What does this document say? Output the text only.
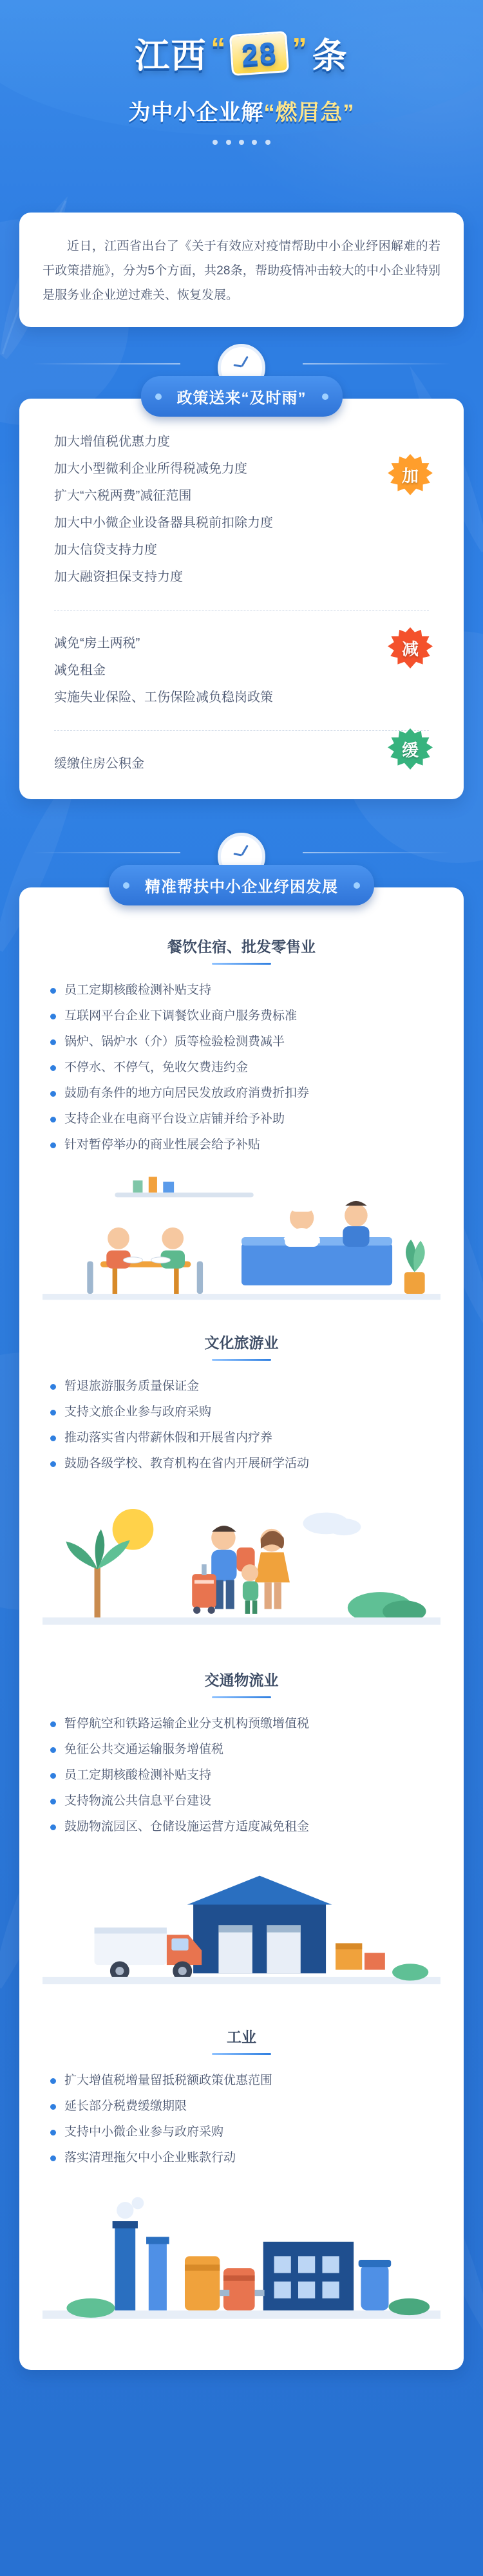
江西 “ 28 ” 条
为中小企业解“燃眉急”

近日，江西省出台了《关于有效应对疫情帮助中小企业纾困解难的若干政策措施》，分为5个方面，共28条，帮助疫情冲击较大的中小企业特别是服务业企业逆过难关、恢复发展。

政策送来“及时雨”
加
加大增值税优惠力度
加大小型微利企业所得税减免力度
扩大“六税两费”减征范围
加大中小微企业设备器具税前扣除力度
加大信贷支持力度
加大融资担保支持力度
减
减免“房土两税”
减免租金
实施失业保险、工伤保险减负稳岗政策
缓
缓缴住房公积金
精准帮扶中小企业纾困发展
餐饮住宿、批发零售业
员工定期核酸检测补贴支持
互联网平台企业下调餐饮业商户服务费标准
锅炉、锅炉水（介）质等检验检测费减半
不停水、不停气，免收欠费违约金
鼓励有条件的地方向居民发放政府消费折扣券
支持企业在电商平台设立店铺并给予补助
针对暂停举办的商业性展会给予补贴
文化旅游业
暂退旅游服务质量保证金
支持文旅企业参与政府采购
推动落实省内带薪休假和开展省内疗养
鼓励各级学校、教育机构在省内开展研学活动
交通物流业
暂停航空和铁路运输企业分支机构预缴增值税
免征公共交通运输服务增值税
员工定期核酸检测补贴支持
支持物流公共信息平台建设
鼓励物流园区、仓储设施运营方适度减免租金
工业
扩大增值税增量留抵税额政策优惠范围
延长部分税费缓缴期限
支持中小微企业参与政府采购
落实清理拖欠中小企业账款行动
